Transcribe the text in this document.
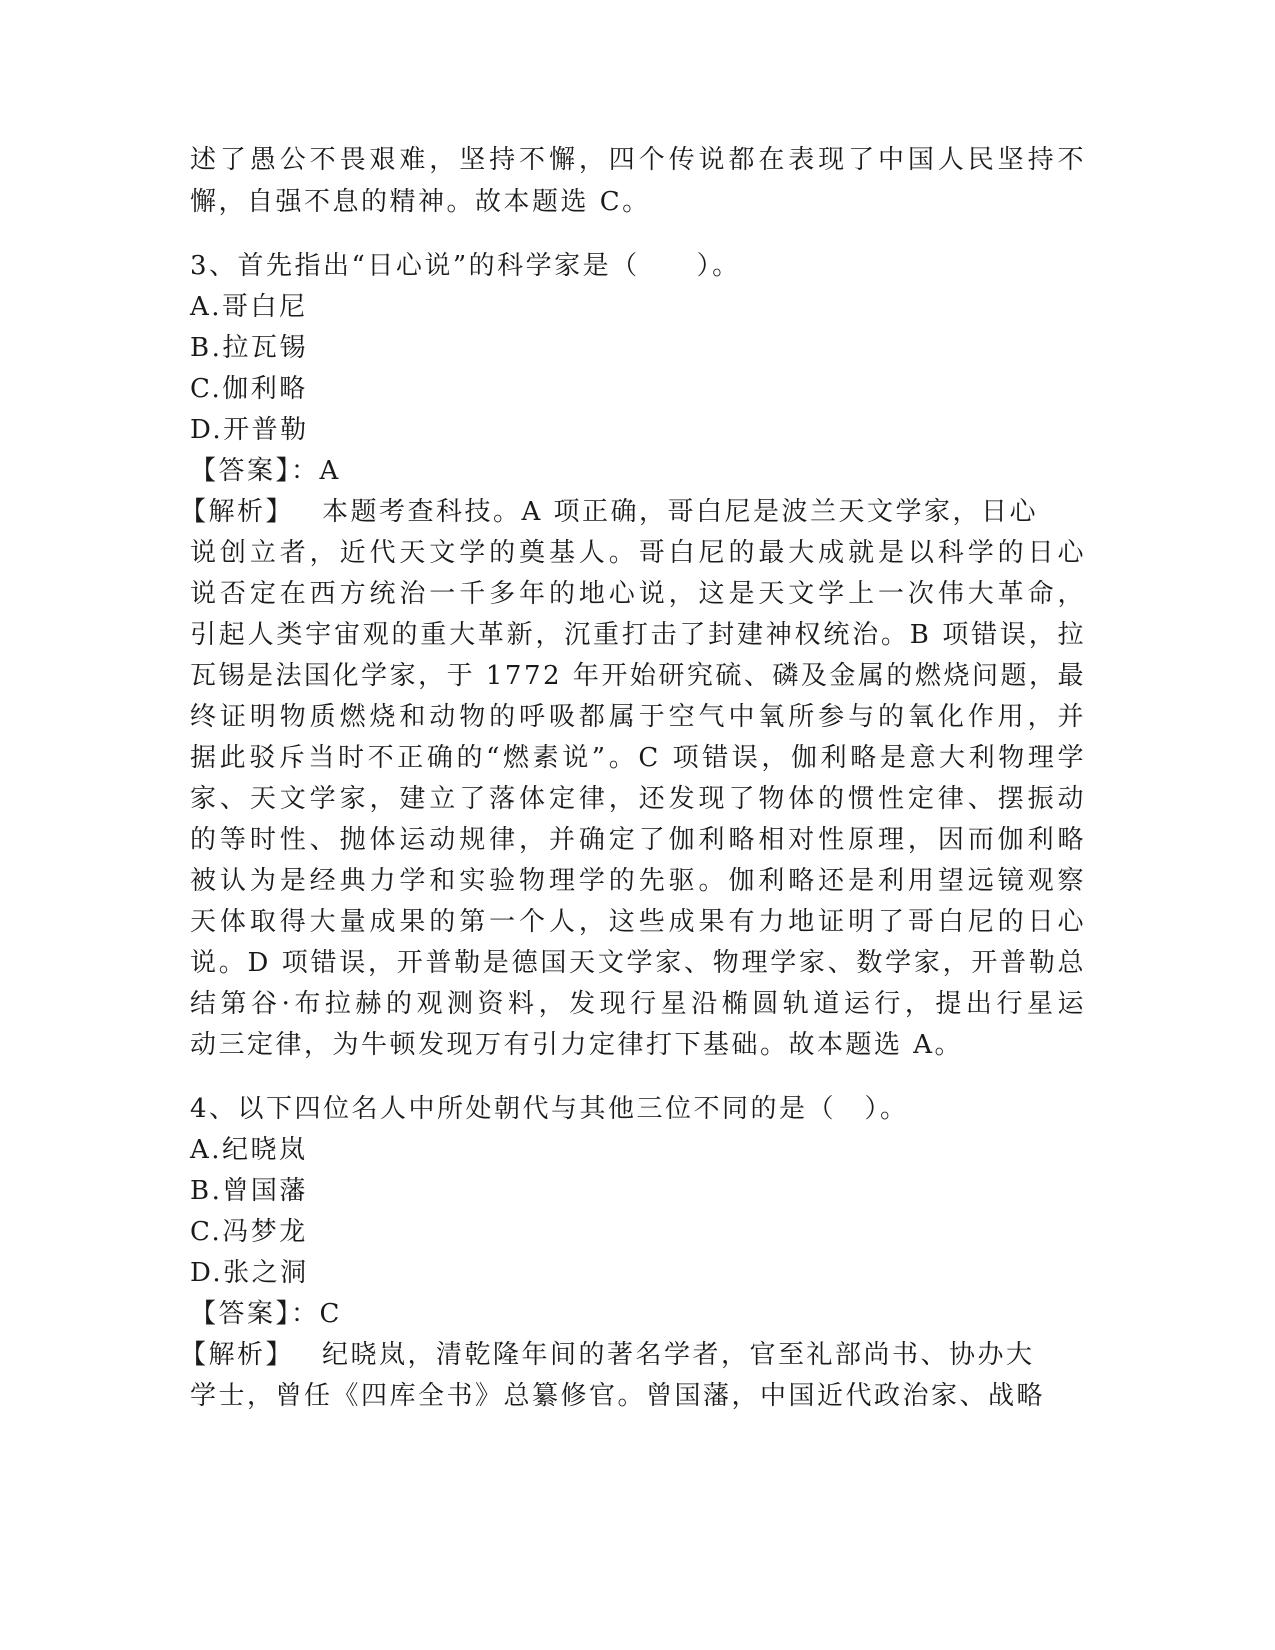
述了愚公不畏艰难，坚持不懈，四个传说都在表现了中国人民坚持不
懈，自强不息的精神。故本题选 C。
3、首先指出“日心说”的科学家是（　　）。
A.哥白尼
B.拉瓦锡
C.伽利略
D.开普勒
【答案】：A
【解析】 本题考查科技。A 项正确，哥白尼是波兰天文学家，日心
说创立者，近代天文学的奠基人。哥白尼的最大成就是以科学的日心
说否定在西方统治一千多年的地心说，这是天文学上一次伟大革命，
引起人类宇宙观的重大革新，沉重打击了封建神权统治。B 项错误，拉
瓦锡是法国化学家，于 1772 年开始研究硫、磷及金属的燃烧问题，最
终证明物质燃烧和动物的呼吸都属于空气中氧所参与的氧化作用，并
据此驳斥当时不正确的“燃素说”。C 项错误，伽利略是意大利物理学
家、天文学家，建立了落体定律，还发现了物体的惯性定律、摆振动
的等时性、抛体运动规律，并确定了伽利略相对性原理，因而伽利略
被认为是经典力学和实验物理学的先驱。伽利略还是利用望远镜观察
天体取得大量成果的第一个人，这些成果有力地证明了哥白尼的日心
说。D 项错误，开普勒是德国天文学家、物理学家、数学家，开普勒总
结第谷·布拉赫的观测资料，发现行星沿椭圆轨道运行，提出行星运
动三定律，为牛顿发现万有引力定律打下基础。故本题选 A。
4、以下四位名人中所处朝代与其他三位不同的是（　）。
A.纪晓岚
B.曾国藩
C.冯梦龙
D.张之洞
【答案】：C
【解析】 纪晓岚，清乾隆年间的著名学者，官至礼部尚书、协办大
学士，曾任《四库全书》总纂修官。曾国藩，中国近代政治家、战略
